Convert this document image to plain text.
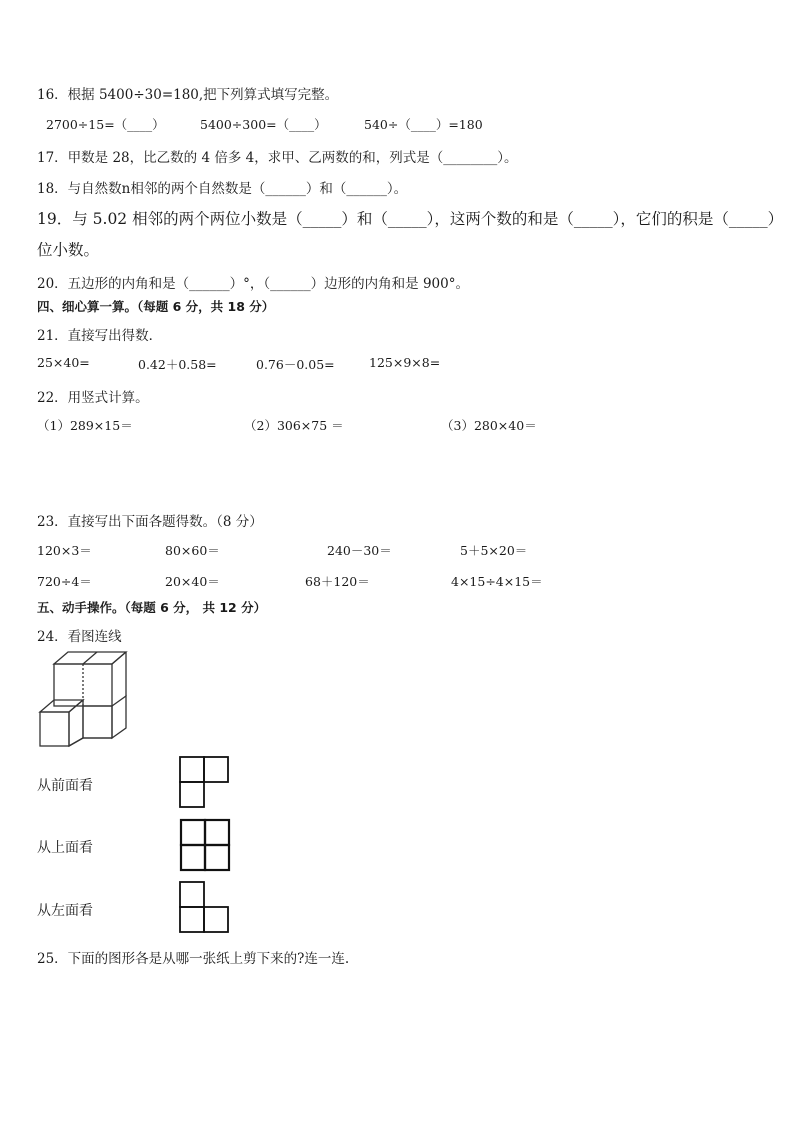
16．根据 5400÷30=180,把下列算式填写完整。
2700÷15=（____）	5400÷300=（____）	540÷（____）=180
17．甲数是 28，比乙数的 4 倍多 4，求甲、乙两数的和，列式是（________）。
18．与自然数n相邻的两个自然数是（______）和（______）。
19．与 5.02 相邻的两个两位小数是（_____）和（_____），这两个数的和是（_____），它们的积是（_____）
位小数。
20．五边形的内角和是（______）°，（______）边形的内角和是 900°。
四、细心算一算。（每题 6 分，共 18 分）
21．直接写出得数．
25×40=	0.42＋0.58=	0.76－0.05=	125×9×8=
22．用竖式计算。
（1）289×15＝	（2）306×75 ＝	（3）280×40＝
23．直接写出下面各题得数。（8 分）
120×3＝	80×60＝	240－30＝	5＋5×20＝
720÷4＝	20×40＝	68＋120＝	4×15÷4×15＝
五、动手操作。（每题 6 分， 共 12 分）
24．看图连线
从前面看
从上面看
从左面看
25．下面的图形各是从哪一张纸上剪下来的?连一连.
